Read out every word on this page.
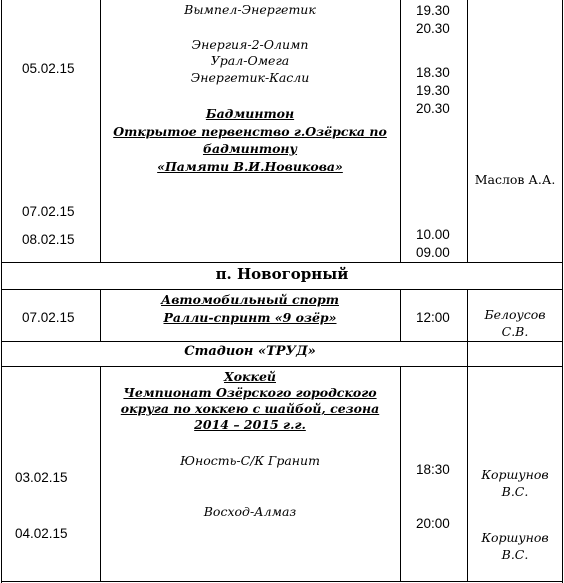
05.02.15
07.02.15
08.02.15
Вымпел-Энергетик
Энергия-2-Олимп
Урал-Омега
Энергетик-Касли
Бадминтон
Открытое первенство г.Озёрска по
бадминтону
«Памяти В.И.Новикова»
19.30
20.30
18.30
19.30
20.30
10.00
09.00
Маслов А.А.
п. Новогорный
07.02.15
Автомобильный спорт
Ралли-спринт «9 озёр»	12:00	Белоусов
С.В.
Стадион «ТРУД»
Хоккей
Чемпионат Озёрского городского
округа по хоккею с шайбой, сезона
2014 – 2015 г.г.
Юность-С/К Гранит
Восход-Алмаз
03.02.15
04.02.15
18:30
20:00
Коршунов
В.С.
Коршунов
В.С.
